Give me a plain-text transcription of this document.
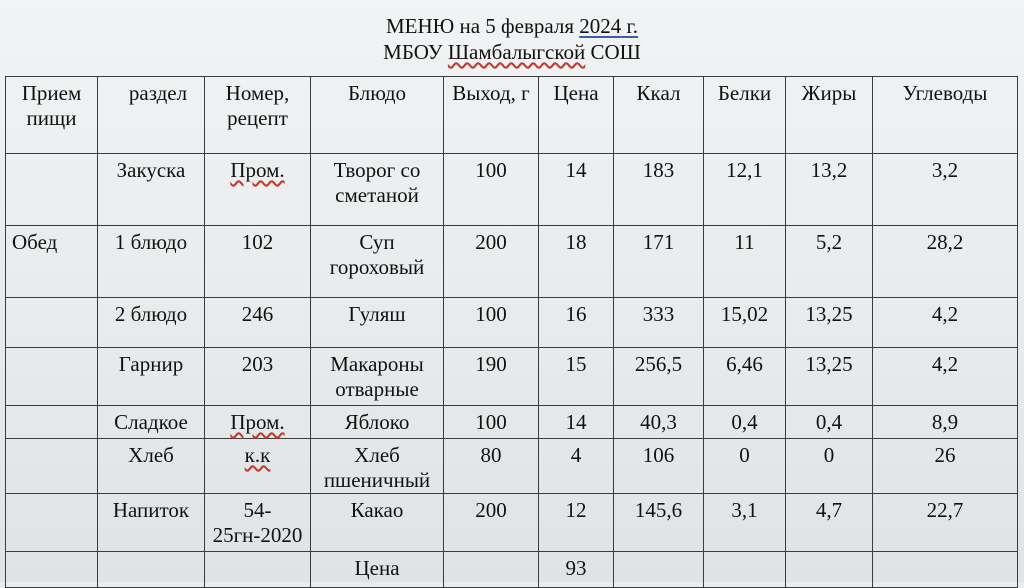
МЕНЮ на 5 февраля 2024 г.
МБОУ Шамбалыгской СОШ
Прием пищи	раздел	Номер, рецепт	Блюдо	Выход, г	Цена	Ккал	Белки	Жиры	Углеводы
	Закуска	Пром.	Творог со сметаной	100	14	183	12,1	13,2	3,2
Обед	1 блюдо	102	Суп гороховый	200	18	171	11	5,2	28,2
	2 блюдо	246	Гуляш	100	16	333	15,02	13,25	4,2
	Гарнир	203	Макароны отварные	190	15	256,5	6,46	13,25	4,2
	Сладкое	Пром.	Яблоко	100	14	40,3	0,4	0,4	8,9
	Хлеб	к.к	Хлеб пшеничный	80	4	106	0	0	26
	Напиток	54-25гн-2020	Какао	200	12	145,6	3,1	4,7	22,7
			Цена		93				
